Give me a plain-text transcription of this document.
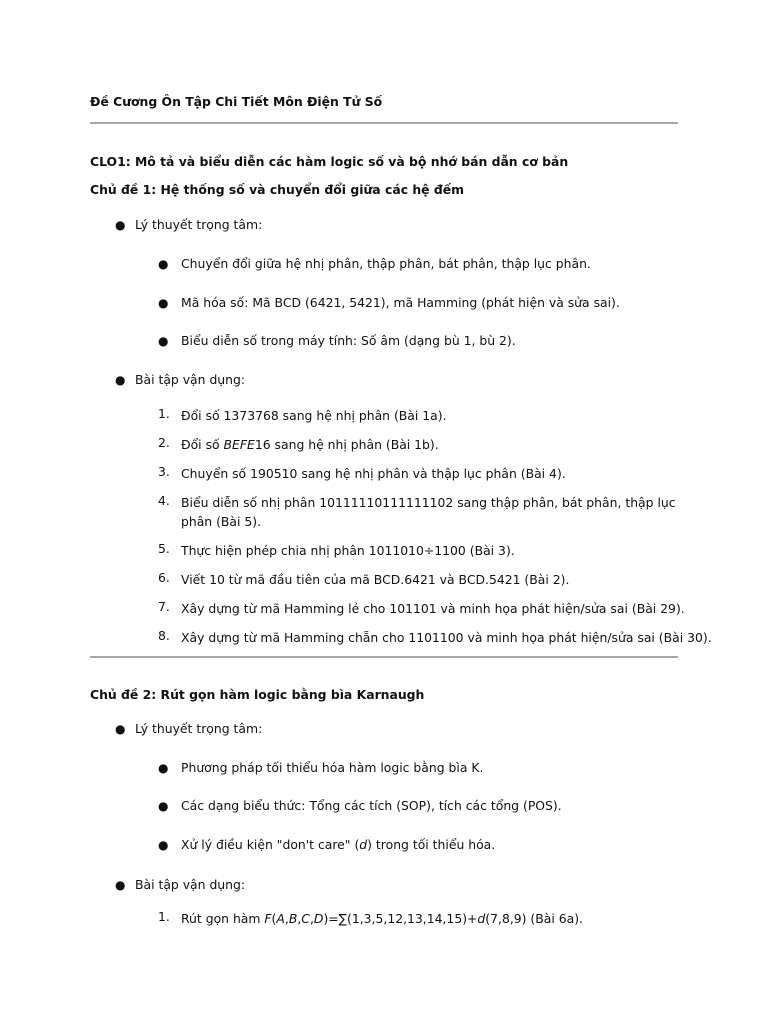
Đề Cương Ôn Tập Chi Tiết Môn Điện Tử Số
CLO1: Mô tả và biểu diễn các hàm logic số và bộ nhớ bán dẫn cơ bản
Chủ đề 1: Hệ thống số và chuyển đổi giữa các hệ đếm
● Lý thuyết trọng tâm:
● Chuyển đổi giữa hệ nhị phân, thập phân, bát phân, thập lục phân.
● Mã hóa số: Mã BCD (6421, 5421), mã Hamming (phát hiện và sửa sai).
● Biểu diễn số trong máy tính: Số âm (dạng bù 1, bù 2).
● Bài tập vận dụng:
1. Đổi số 1373768 sang hệ nhị phân (Bài 1a).
2. Đổi số BEFE16 sang hệ nhị phân (Bài 1b).
3. Chuyển số 190510 sang hệ nhị phân và thập lục phân (Bài 4).
4. Biểu diễn số nhị phân 10111110111111102 sang thập phân, bát phân, thập lục phân (Bài 5).
5. Thực hiện phép chia nhị phân 1011010÷1100 (Bài 3).
6. Viết 10 từ mã đầu tiên của mã BCD.6421 và BCD.5421 (Bài 2).
7. Xây dựng từ mã Hamming lẻ cho 101101 và minh họa phát hiện/sửa sai (Bài 29).
8. Xây dựng từ mã Hamming chẵn cho 1101100 và minh họa phát hiện/sửa sai (Bài 30).
Chủ đề 2: Rút gọn hàm logic bằng bìa Karnaugh
● Lý thuyết trọng tâm:
● Phương pháp tối thiểu hóa hàm logic bằng bìa K.
● Các dạng biểu thức: Tổng các tích (SOP), tích các tổng (POS).
● Xử lý điều kiện "don't care" (d) trong tối thiểu hóa.
● Bài tập vận dụng:
1. Rút gọn hàm F(A,B,C,D)=∑(1,3,5,12,13,14,15)+d(7,8,9) (Bài 6a).
